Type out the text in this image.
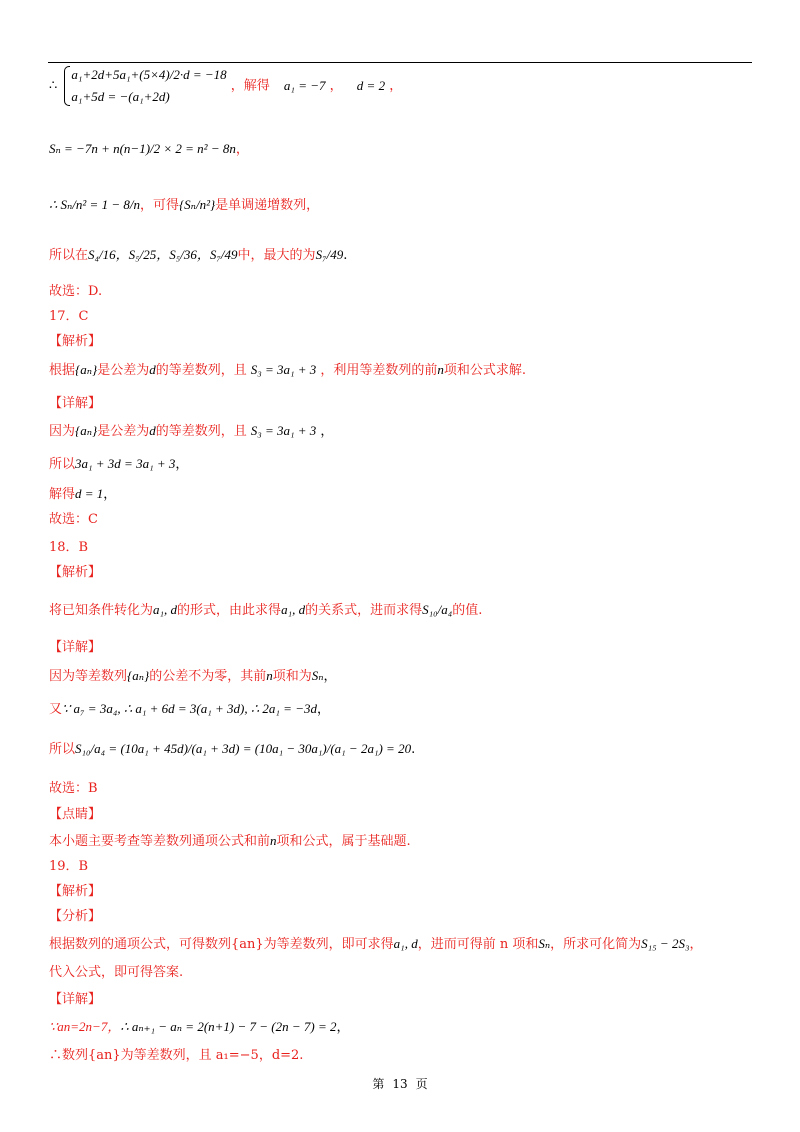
∴
a₁+2d+5a₁+(5×4)/2·d = −18
a₁+5d = −(a₁+2d)
，解得 a₁ = −7 ， d = 2 ，
Sₙ = −7n + n(n−1)/2 × 2 = n² − 8n，
∴ Sₙ/n² = 1 − 8/n，可得{Sₙ/n²}是单调递增数列，
所以在S₄/16，S₅/25，S₅/36，S₇/49中，最大的为S₇/49.
故选：D.
17．C
【解析】
根据{aₙ}是公差为d的等差数列，且 S₃ = 3a₁ + 3 ，利用等差数列的前n项和公式求解.
【详解】
因为{aₙ}是公差为d的等差数列，且 S₃ = 3a₁ + 3 ，
所以3a₁ + 3d = 3a₁ + 3，
解得d = 1，
故选：C
18．B
【解析】
将已知条件转化为a₁, d的形式，由此求得a₁, d的关系式，进而求得S₁₀/a₄的值.
【详解】
因为等差数列{aₙ}的公差不为零，其前n项和为Sₙ，
又∵ a₇ = 3a₄, ∴ a₁ + 6d = 3(a₁ + 3d), ∴ 2a₁ = −3d，
所以S₁₀/a₄ = (10a₁ + 45d)/(a₁ + 3d) = (10a₁ − 30a₁)/(a₁ − 2a₁) = 20.
故选：B
【点睛】
本小题主要考查等差数列通项公式和前n项和公式，属于基础题.
19．B
【解析】
【分析】
根据数列的通项公式，可得数列{an}为等差数列，即可求得a₁, d，进而可得前 n 项和Sₙ，所求可化简为S₁₅ − 2S₃，
代入公式，即可得答案.
【详解】
∵an=2n−7，∴ aₙ₊₁ − aₙ = 2(n+1) − 7 − (2n − 7) = 2，
∴数列{an}为等差数列，且 a₁=−5，d=2.
第 13 页
